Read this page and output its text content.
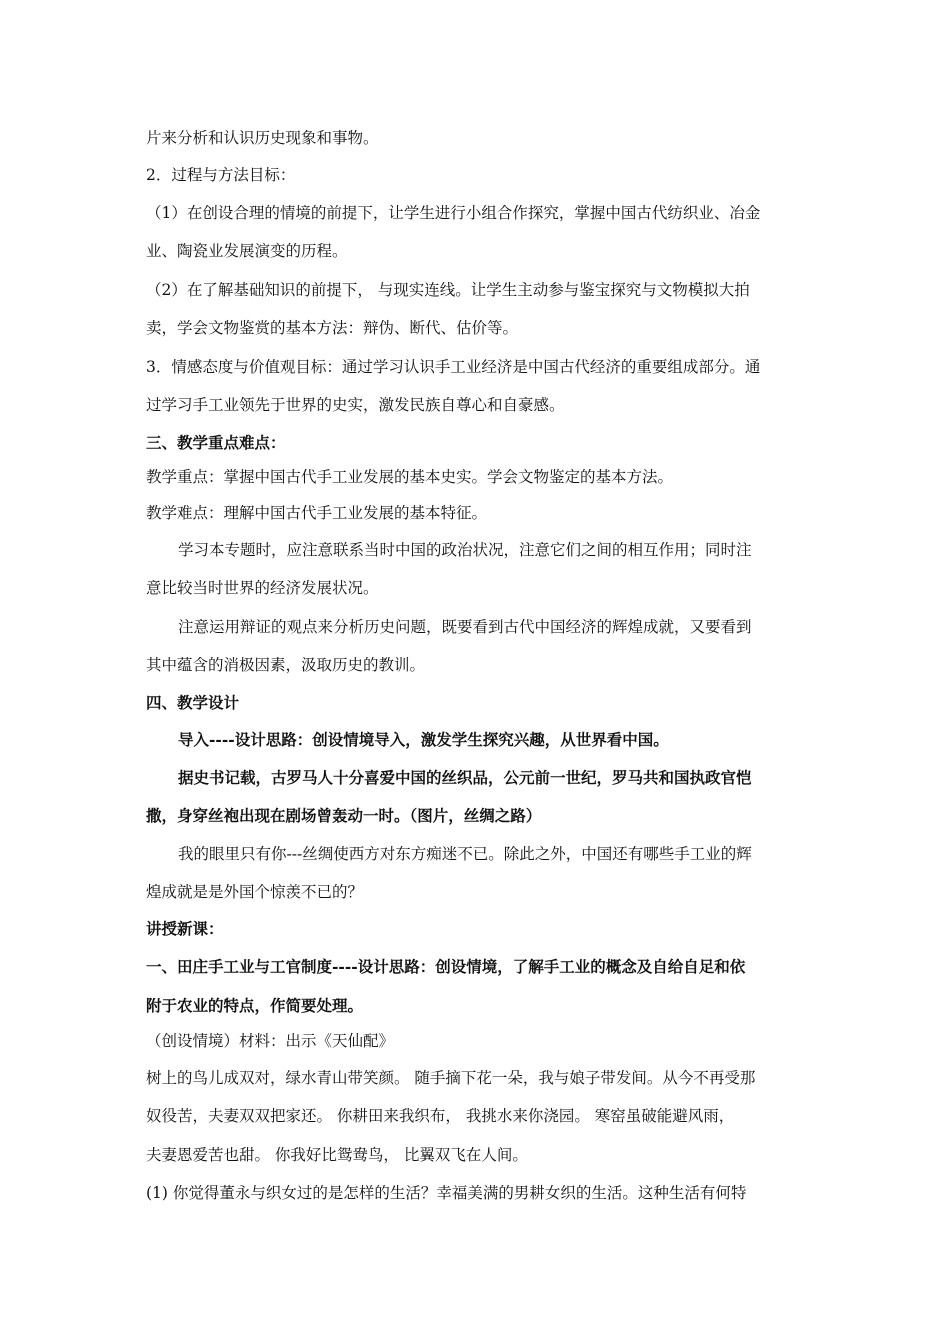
片来分析和认识历史现象和事物。
2．过程与方法目标：
（1）在创设合理的情境的前提下，让学生进行小组合作探究，掌握中国古代纺织业、冶金
业、陶瓷业发展演变的历程。
（2）在了解基础知识的前提下， 与现实连线。让学生主动参与鉴宝探究与文物模拟大拍
卖，学会文物鉴赏的基本方法：辩伪、断代、估价等。
3．情感态度与价值观目标：通过学习认识手工业经济是中国古代经济的重要组成部分。通
过学习手工业领先于世界的史实，激发民族自尊心和自豪感。
三、教学重点难点：
教学重点：掌握中国古代手工业发展的基本史实。学会文物鉴定的基本方法。
教学难点：理解中国古代手工业发展的基本特征。
学习本专题时，应注意联系当时中国的政治状况，注意它们之间的相互作用；同时注
意比较当时世界的经济发展状况。
注意运用辩证的观点来分析历史问题，既要看到古代中国经济的辉煌成就，又要看到
其中蕴含的消极因素，汲取历史的教训。
四、教学设计
导入----设计思路：创设情境导入，激发学生探究兴趣，从世界看中国。
据史书记载，古罗马人十分喜爱中国的丝织品，公元前一世纪，罗马共和国执政官恺
撒，身穿丝袍出现在剧场曾轰动一时。（图片，丝绸之路）
我的眼里只有你---丝绸使西方对东方痴迷不已。除此之外，中国还有哪些手工业的辉
煌成就是是外国个惊羡不已的？
讲授新课：
一、田庄手工业与工官制度----设计思路：创设情境，了解手工业的概念及自给自足和依
附于农业的特点，作简要处理。
（创设情境）材料：出示《天仙配》
树上的鸟儿成双对，绿水青山带笑颜。 随手摘下花一朵，我与娘子带发间。从今不再受那
奴役苦，夫妻双双把家还。 你耕田来我织布， 我挑水来你浇园。 寒窑虽破能避风雨，
夫妻恩爱苦也甜。 你我好比鸳鸯鸟， 比翼双飞在人间。
(1) 你觉得董永与织女过的是怎样的生活？幸福美满的男耕女织的生活。这种生活有何特
